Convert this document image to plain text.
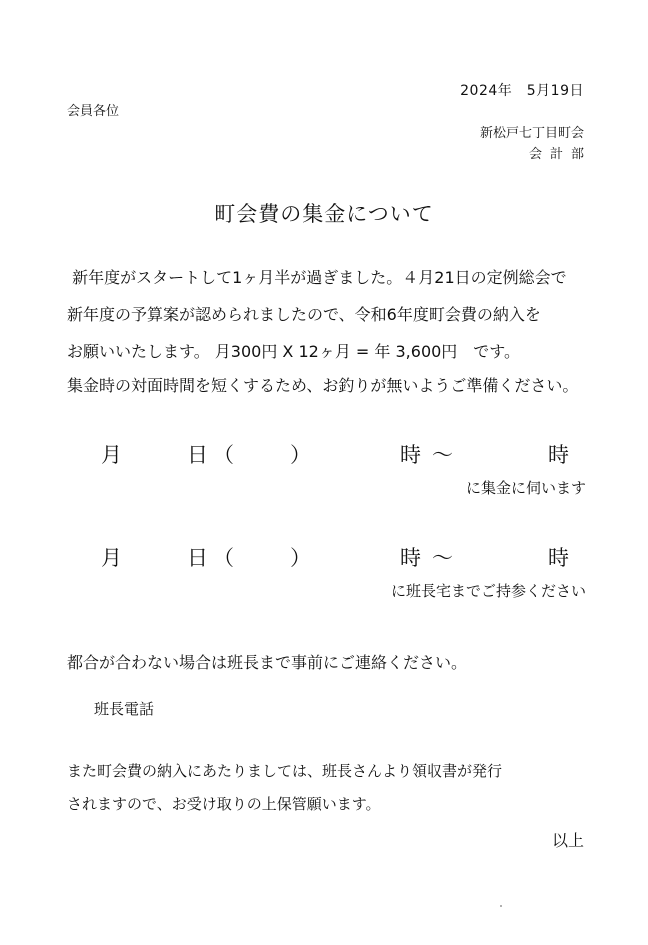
2024年　5月19日
会員各位
新松戸七丁目町会
会計部
町会費の集金について
新年度がスタートして1ヶ月半が過ぎました。４月21日の定例総会で
新年度の予算案が認められましたので、令和6年度町会費の納入を
お願いいたします。 月300円 X 12ヶ月 = 年 3,600円　です。
集金時の対面時間を短くするため、お釣りが無いようご準備ください。
月	日 （	）	時 ～	時
に集金に伺います
月	日 （	）	時 ～	時
に班長宅までご持参ください
都合が合わない場合は班長まで事前にご連絡ください。
班長電話
また町会費の納入にあたりましては、班長さんより領収書が発行
されますので、お受け取りの上保管願います。
以上
